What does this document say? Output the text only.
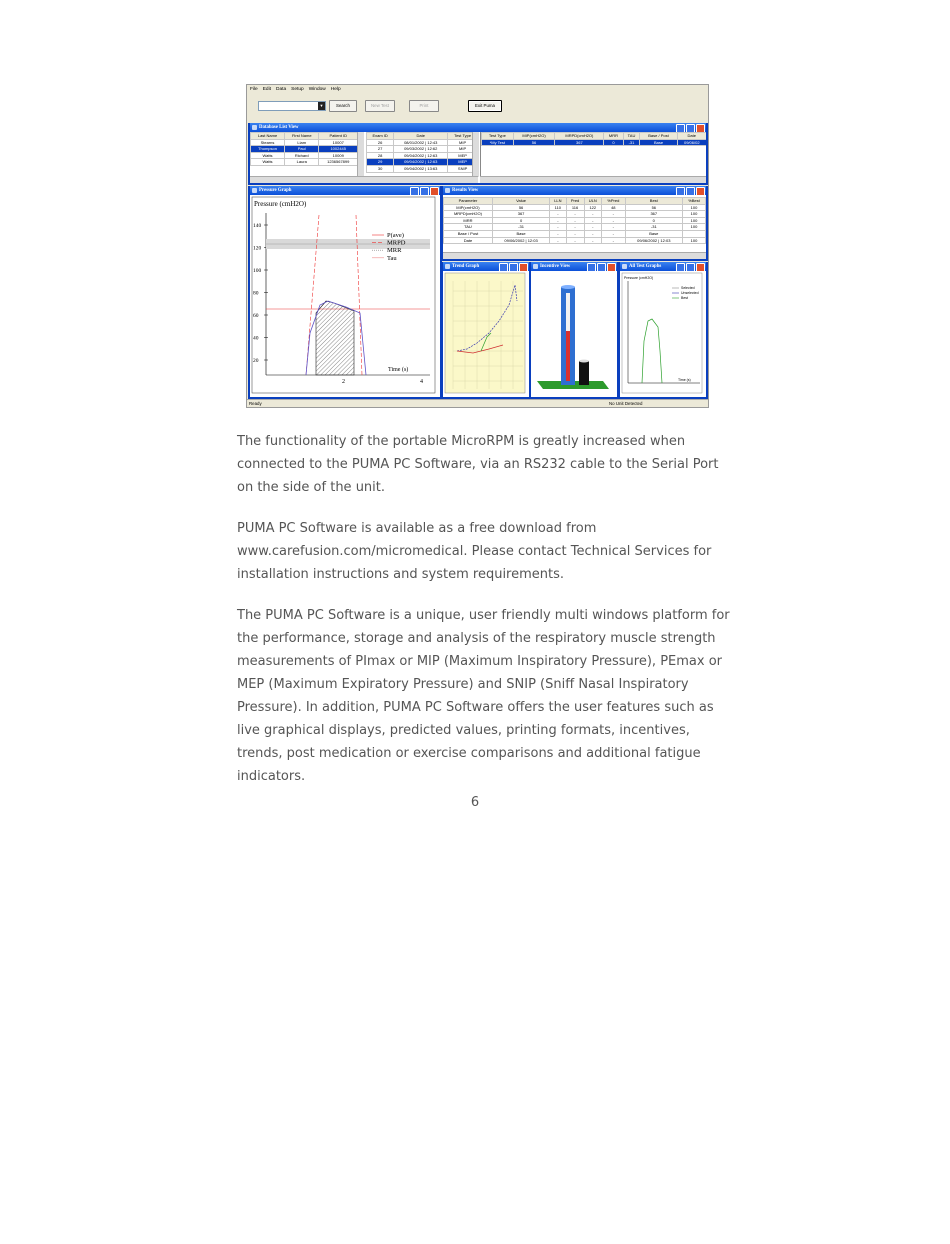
File Edit Data Setup Window Help
▼	Search	New Test	Print	Exit Puma
Database List View
Last Name	First Name	Patient ID
Stearns	Liam	10007
Thompson	Paul	1002445
Watts	Richard	10009
Watts	Laura	1236567899
Exam ID	Date	Test Type
26	08/01/2002 | 12:43	MIP
27	09/03/2002 | 12:62	MIP
28	09/04/2002 | 12:63	MEP
29	09/04/2002 | 12:63	MEP
30	09/04/2002 | 13:63	SNIP
Test Type	MIP(cmH2O)	MRPD(cmH2O)	MRR	TAU	Base / Post	Date
*My Test	56	367	0	-31	Base	09/06/02
Pressure Graph
Pressure (cmH2O)
140
120
100
80
60
40
20
2	4
Time (s)
P(ave)
MRPD
MRR
Tau
Results View
Parameter	Value	LLN	Pred	ULN	%Pred	Best	%Best
MIP(cmH2O)	56	110	116	122	48	56	100
MRPD(cmH2O)	367	-	-	-	-	367	100
MRR	0	-	-	-	-	0	100
TAU	-31	-	-	-	-	-31	100
Base / Post	Base	-	-	-	-	Base	
Date	09/06/2002 | 12:03	-	-	-	-	09/06/2002 | 12:03	100
Trend Graph	Incentive View	All Test Graphs
Pressure (cmH2O)
Time (s)
Selected
Unselected
Best
Ready	No Unit Detected

The functionality of the portable MicroRPM is greatly increased when connected to the PUMA PC Software, via an RS232 cable to the Serial Port on the side of the unit.

PUMA PC Software is available as a free download from www.carefusion.com/micromedical. Please contact Technical Services for installation instructions and system requirements.

The PUMA PC Software is a unique, user friendly multi windows platform for the performance, storage and analysis of the respiratory muscle strength measurements of PImax or MIP (Maximum Inspiratory Pressure), PEmax or MEP (Maximum Expiratory Pressure) and SNIP (Sniff Nasal Inspiratory Pressure). In addition, PUMA PC Software offers the user features such as live graphical displays, predicted values, printing formats, incentives, trends, post medication or exercise comparisons and additional fatigue indicators.

6
